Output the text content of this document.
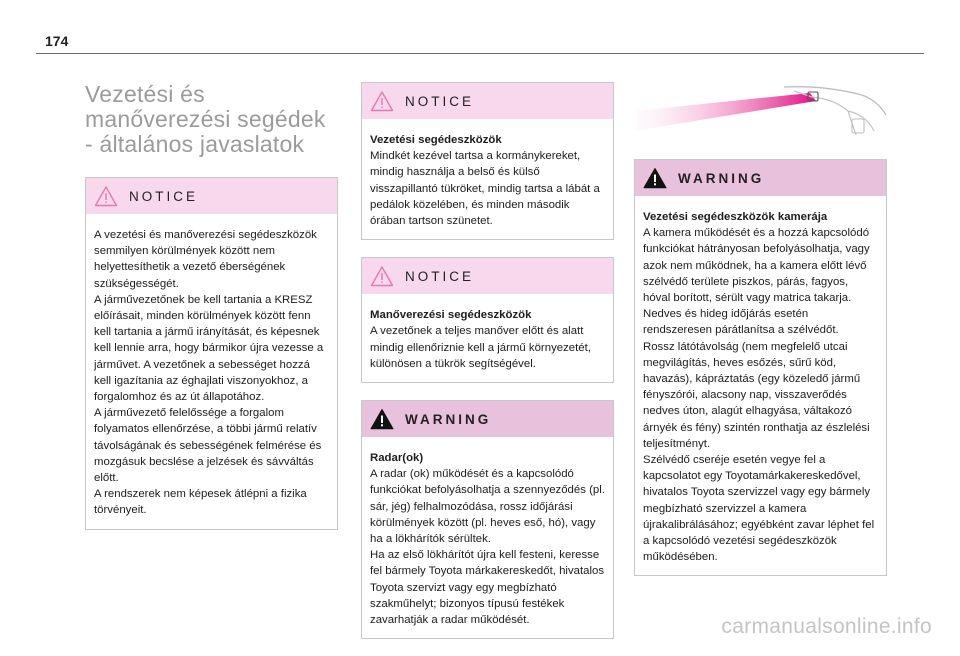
174
Vezetési és manőverezési segédek - általános javaslatok
NOTICE

A vezetési és manőverezési segédeszközök semmilyen körülmények között nem helyettesíthetik a vezető éberségének szükségességét.

A járművezetőnek be kell tartania a KRESZ előírásait, minden körülmények között fenn kell tartania a jármű irányítását, és képesnek kell lennie arra, hogy bármikor újra vezesse a járművet. A vezetőnek a sebességet hozzá kell igazítania az éghajlati viszonyokhoz, a forgalomhoz és az út állapotához.

A járművezető felelőssége a forgalom folyamatos ellenőrzése, a többi jármű relatív távolságának és sebességének felmérése és mozgásuk becslése a jelzések és sávváltás előtt.

A rendszerek nem képesek átlépni a fizika törvényeit.

NOTICE

Vezetési segédeszközök

Mindkét kezével tartsa a kormánykereket, mindig használja a belső és külső visszapillantó tükröket, mindig tartsa a lábát a pedálok közelében, és minden második órában tartson szünetet.

NOTICE

Manőverezési segédeszközök

A vezetőnek a teljes manőver előtt és alatt mindig ellenőriznie kell a jármű környezetét, különösen a tükrök segítségével.

WARNING

Radar(ok)

A radar (ok) működését és a kapcsolódó funkciókat befolyásolhatja a szennyeződés (pl. sár, jég) felhalmozódása, rossz időjárási körülmények között (pl. heves eső, hó), vagy ha a lökhárítók sérültek.

Ha az első lökhárítót újra kell festeni, keresse fel bármely Toyota márkakereskedőt, hivatalos Toyota szervizt vagy egy megbízható szakműhelyt; bizonyos típusú festékek zavarhatják a radar működését.

WARNING

Vezetési segédeszközök kamerája

A kamera működését és a hozzá kapcsolódó funkciókat hátrányosan befolyásolhatja, vagy azok nem működnek, ha a kamera előtt lévő szélvédő területe piszkos, párás, fagyos, hóval borított, sérült vagy matrica takarja.

Nedves és hideg időjárás esetén rendszeresen párátlanítsa a szélvédőt.

Rossz látótávolság (nem megfelelő utcai megvilágítás, heves esőzés, sűrű köd, havazás), kápráztatás (egy közeledő jármű fényszórói, alacsony nap, visszaverődés nedves úton, alagút elhagyása, váltakozó árnyék és fény) szintén ronthatja az észlelési teljesítményt.

Szélvédő cseréje esetén vegye fel a kapcsolatot egy Toyotamárkakereskedővel, hivatalos Toyota szervizzel vagy egy bármely megbízható szervizzel a kamera újrakalibrálásához; egyébként zavar léphet fel a kapcsolódó vezetési segédeszközök működésében.

carmanualsonline.info
